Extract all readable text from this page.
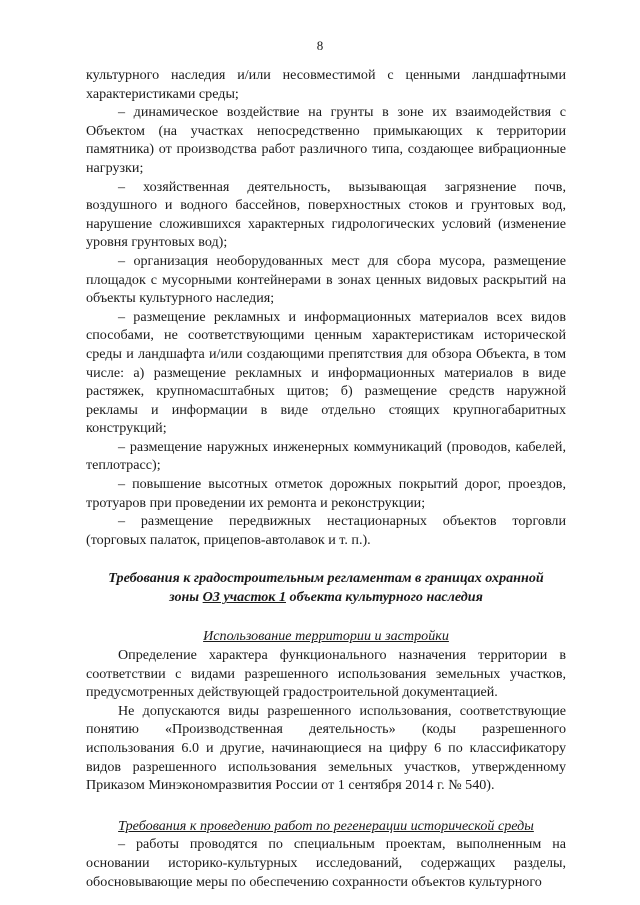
8

культурного наследия и/или несовместимой с ценными ландшафтными характеристиками среды;

– динамическое воздействие на грунты в зоне их взаимодействия с Объектом (на участках непосредственно примыкающих к территории памятника) от производства работ различного типа, создающее вибрационные нагрузки;

– хозяйственная деятельность, вызывающая загрязнение почв, воздушного и водного бассейнов, поверхностных стоков и грунтовых вод, нарушение сложившихся характерных гидрологических условий (изменение уровня грунтовых вод);

– организация необорудованных мест для сбора мусора, размещение площадок с мусорными контейнерами в зонах ценных видовых раскрытий на объекты культурного наследия;

– размещение рекламных и информационных материалов всех видов способами, не соответствующими ценным характеристикам исторической среды и ландшафта и/или создающими препятствия для обзора Объекта, в том числе: а) размещение рекламных и информационных материалов в виде растяжек, крупномасштабных щитов; б) размещение средств наружной рекламы и информации в виде отдельно стоящих крупногабаритных конструкций;

– размещение наружных инженерных коммуникаций (проводов, кабелей, теплотрасс);

– повышение высотных отметок дорожных покрытий дорог, проездов, тротуаров при проведении их ремонта и реконструкции;

– размещение передвижных нестационарных объектов торговли (торговых палаток, прицепов-автолавок и т. п.).

Требования к градостроительным регламентам в границах охранной
зоны ОЗ участок 1 объекта культурного наследия

Использование территории и застройки

Определение характера функционального назначения территории в соответствии с видами разрешенного использования земельных участков, предусмотренных действующей градостроительной документацией.

Не допускаются виды разрешенного использования, соответствующие понятию «Производственная деятельность» (коды разрешенного использования 6.0 и другие, начинающиеся на цифру 6 по классификатору видов разрешенного использования земельных участков, утвержденному Приказом Минэкономразвития России от 1 сентября 2014 г. № 540).

Требования к проведению работ по регенерации исторической среды

– работы проводятся по специальным проектам, выполненным на основании историко-культурных исследований, содержащих разделы, обосновывающие меры по обеспечению сохранности объектов культурного
